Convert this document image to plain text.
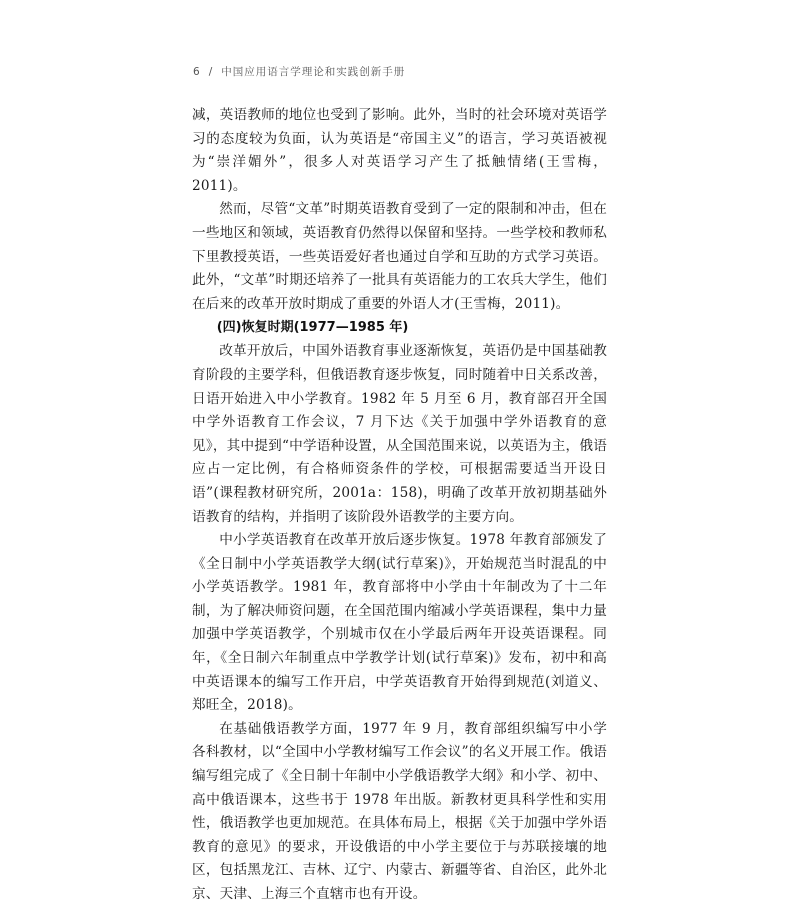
6 / 中国应用语言学理论和实践创新手册

减，英语教师的地位也受到了影响。此外，当时的社会环境对英语学习的态度较为负面，认为英语是“帝国主义”的语言，学习英语被视为“崇洋媚外”，很多人对英语学习产生了抵触情绪(王雪梅，2011)。

然而，尽管“文革”时期英语教育受到了一定的限制和冲击，但在一些地区和领域，英语教育仍然得以保留和坚持。一些学校和教师私下里教授英语，一些英语爱好者也通过自学和互助的方式学习英语。此外，“文革”时期还培养了一批具有英语能力的工农兵大学生，他们在后来的改革开放时期成了重要的外语人才(王雪梅，2011)。

(四)恢复时期(1977—1985 年)

改革开放后，中国外语教育事业逐渐恢复，英语仍是中国基础教育阶段的主要学科，但俄语教育逐步恢复，同时随着中日关系改善，日语开始进入中小学教育。1982 年 5 月至 6 月，教育部召开全国中学外语教育工作会议，7 月下达《关于加强中学外语教育的意见》，其中提到“中学语种设置，从全国范围来说，以英语为主，俄语应占一定比例，有合格师资条件的学校，可根据需要适当开设日语”(课程教材研究所，2001a：158)，明确了改革开放初期基础外语教育的结构，并指明了该阶段外语教学的主要方向。

中小学英语教育在改革开放后逐步恢复。1978 年教育部颁发了《全日制中小学英语教学大纲(试行草案)》，开始规范当时混乱的中小学英语教学。1981 年，教育部将中小学由十年制改为了十二年制，为了解决师资问题，在全国范围内缩减小学英语课程，集中力量加强中学英语教学，个别城市仅在小学最后两年开设英语课程。同年，《全日制六年制重点中学教学计划(试行草案)》发布，初中和高中英语课本的编写工作开启，中学英语教育开始得到规范(刘道义、郑旺全，2018)。

在基础俄语教学方面，1977 年 9 月，教育部组织编写中小学各科教材，以“全国中小学教材编写工作会议”的名义开展工作。俄语编写组完成了《全日制十年制中小学俄语教学大纲》和小学、初中、高中俄语课本，这些书于 1978 年出版。新教材更具科学性和实用性，俄语教学也更加规范。在具体布局上，根据《关于加强中学外语教育的意见》的要求，开设俄语的中小学主要位于与苏联接壤的地区，包括黑龙江、吉林、辽宁、内蒙古、新疆等省、自治区，此外北京、天津、上海三个直辖市也有开设。
